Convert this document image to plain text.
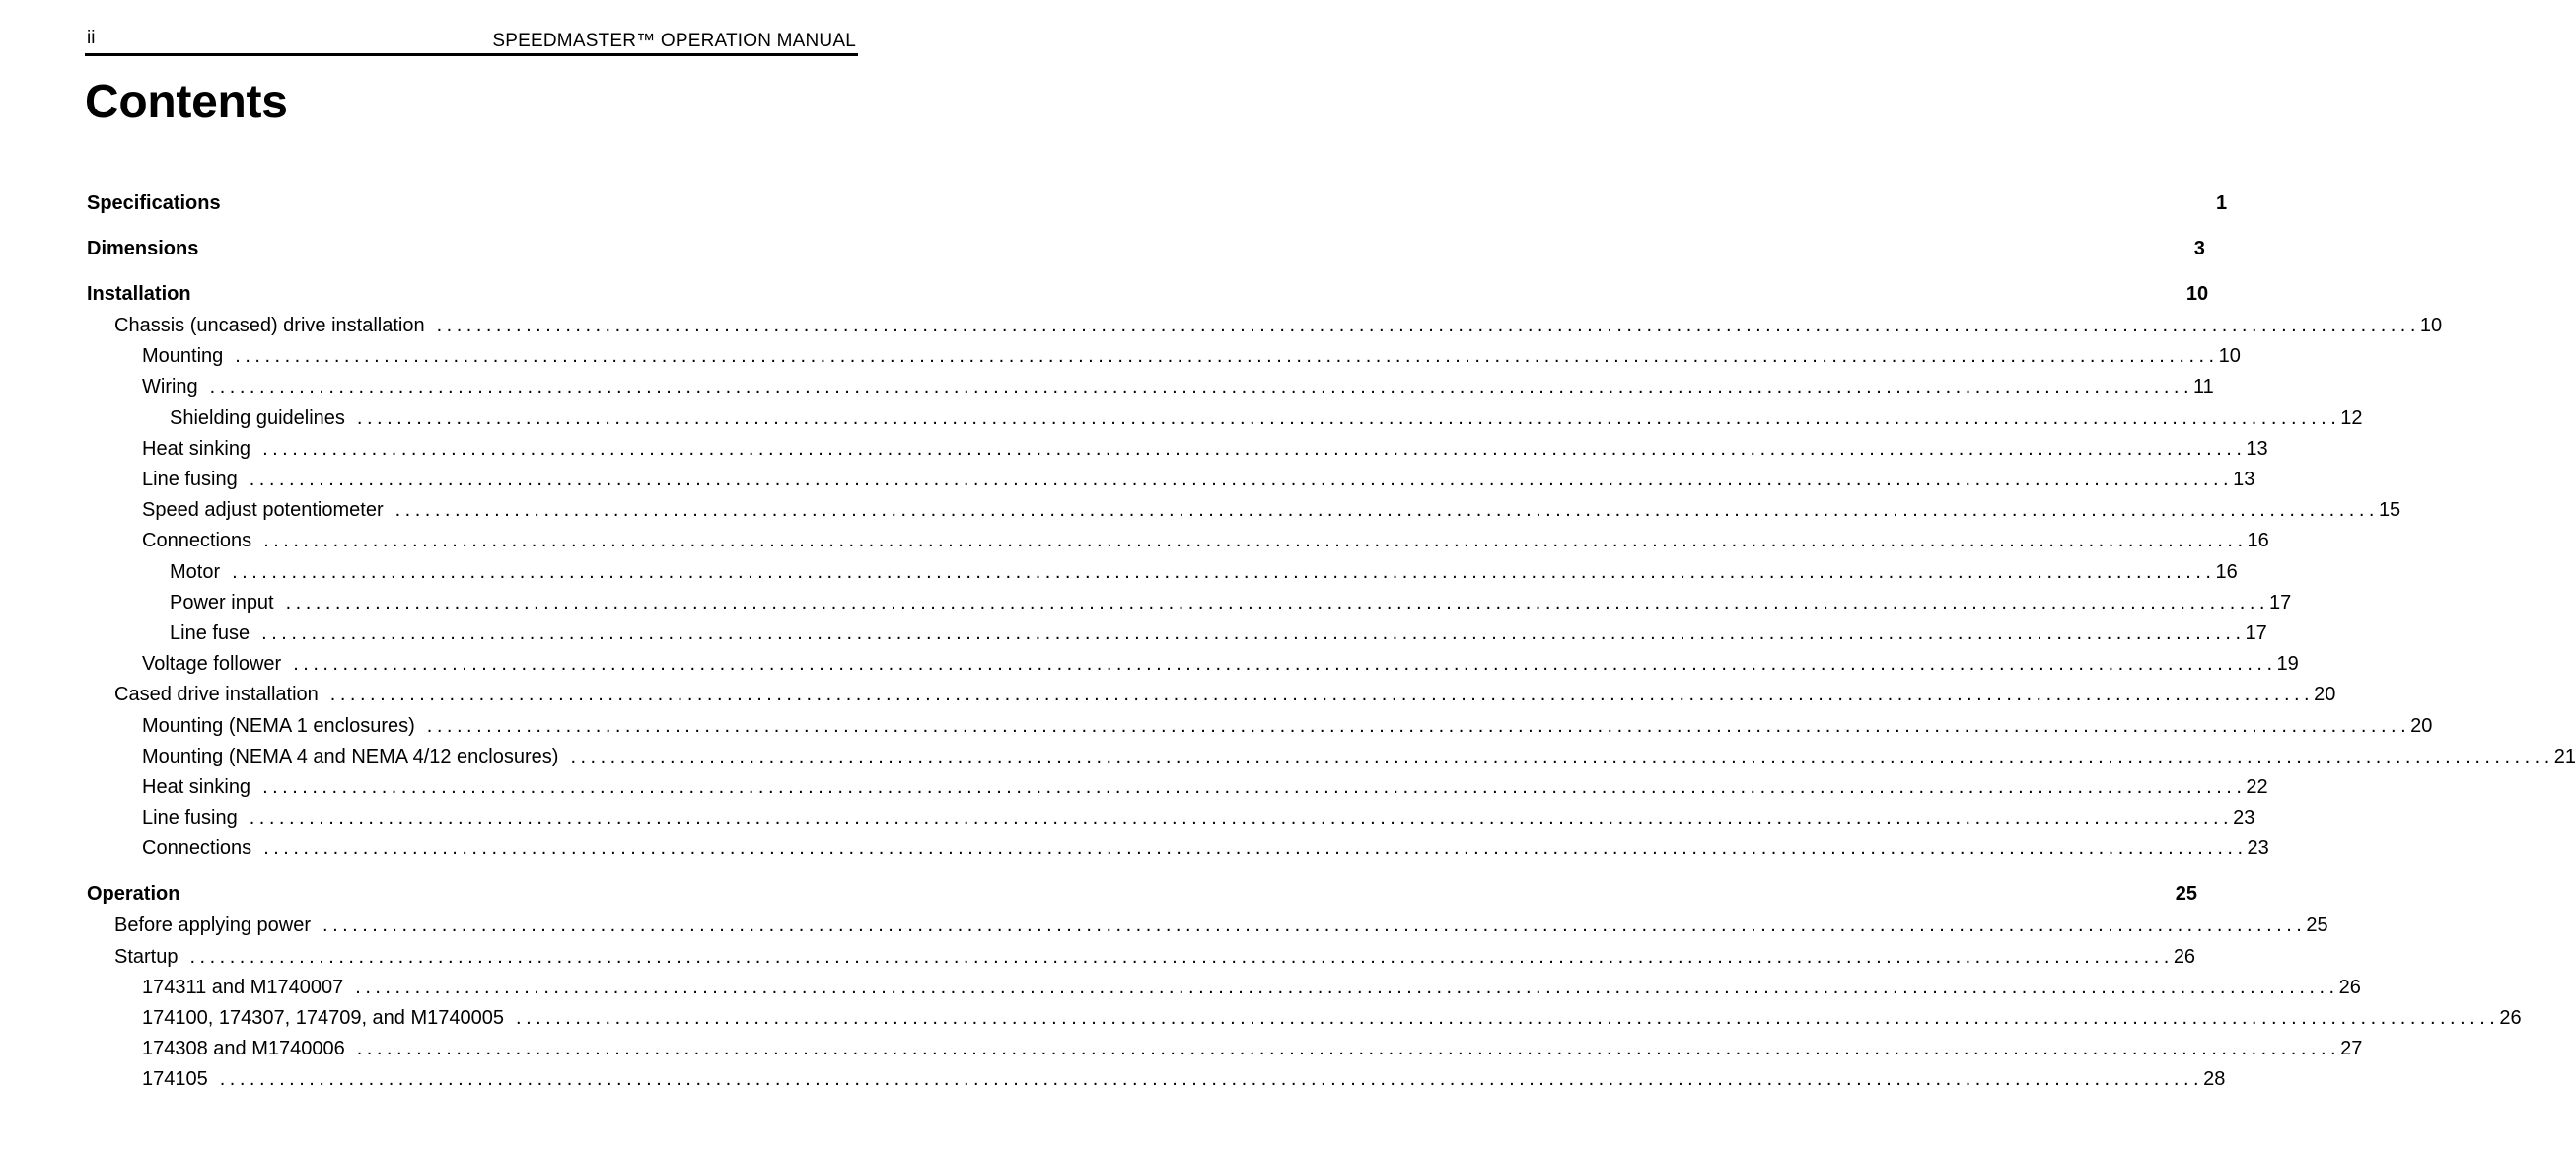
ii	SPEEDMASTER™ OPERATION MANUAL
Contents
Specifications	1
Dimensions	3
Installation	10
Chassis (uncased) drive installation ........................................................................................................................................................................................................ 10
Mounting ........................................................................................................................................................................................................ 10
Wiring ........................................................................................................................................................................................................ 11
Shielding guidelines ........................................................................................................................................................................................................ 12
Heat sinking ........................................................................................................................................................................................................ 13
Line fusing ........................................................................................................................................................................................................ 13
Speed adjust potentiometer ........................................................................................................................................................................................................ 15
Connections ........................................................................................................................................................................................................ 16
Motor ........................................................................................................................................................................................................ 16
Power input ........................................................................................................................................................................................................ 17
Line fuse ........................................................................................................................................................................................................ 17
Voltage follower ........................................................................................................................................................................................................ 19
Cased drive installation ........................................................................................................................................................................................................ 20
Mounting (NEMA 1 enclosures) ........................................................................................................................................................................................................ 20
Mounting (NEMA 4 and NEMA 4/12 enclosures) ........................................................................................................................................................................................................ 21
Heat sinking ........................................................................................................................................................................................................ 22
Line fusing ........................................................................................................................................................................................................ 23
Connections ........................................................................................................................................................................................................ 23
Operation	25
Before applying power ........................................................................................................................................................................................................ 25
Startup ........................................................................................................................................................................................................ 26
174311 and M1740007 ........................................................................................................................................................................................................ 26
174100, 174307, 174709, and M1740005 ........................................................................................................................................................................................................ 26
174308 and M1740006 ........................................................................................................................................................................................................ 27
174105 ........................................................................................................................................................................................................ 28
